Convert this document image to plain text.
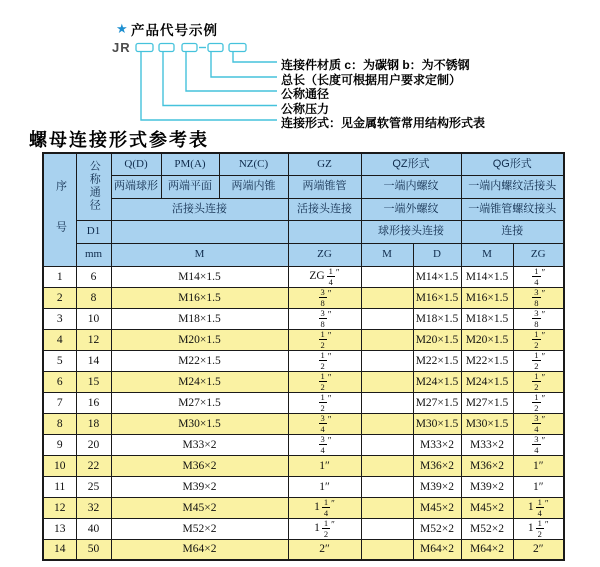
★ 产品代号示例
JR
连接件材质 c：为碳钢 b：为不锈钢
总长（长度可根据用户要求定制）
公称通径
公称压力
连接形式：见金属软管常用结构形式表
螺母连接形式参考表
序号	公称通径	Q(D)	PM(A)	NZ(C)	GZ	QZ形式		QG形式	
		两端球形	两端平面	两端内锥	两端锥管	一端内螺纹		一端内螺纹活接头	
		活接头连接			活接头连接	一端外螺纹		一端锥管螺纹接头	
	D1					球形接头连接		连接	
	mm	M			ZG	M	D	M	ZG
1	6	M14×1.5			ZG $\frac{1}{4} ''$		M14×1.5	M14×1.5	$\frac{1}{4} ''$
2	8	M16×1.5			$\frac{3}{8} ''$		M16×1.5	M16×1.5	$\frac{3}{8} ''$
3	10	M18×1.5			$\frac{3}{8} ''$		M18×1.5	M18×1.5	$\frac{3}{8} ''$
4	12	M20×1.5			$\frac{1}{2} ''$		M20×1.5	M20×1.5	$\frac{1}{2} ''$
5	14	M22×1.5			$\frac{1}{2} ''$		M22×1.5	M22×1.5	$\frac{1}{2} ''$
6	15	M24×1.5			$\frac{1}{2} ''$		M24×1.5	M24×1.5	$\frac{1}{2} ''$
7	16	M27×1.5			$\frac{1}{2} ''$		M27×1.5	M27×1.5	$\frac{1}{2} ''$
8	18	M30×1.5			$\frac{3}{4} ''$		M30×1.5	M30×1.5	$\frac{3}{4} ''$
9	20	M33×2			$\frac{3}{4} ''$		M33×2	M33×2	$\frac{3}{4} ''$
10	22	M36×2			1″		M36×2	M36×2	1″
11	25	M39×2			1″		M39×2	M39×2	1″
12	32	M45×2			$1 \frac{1}{4} ''$		M45×2	M45×2	$1 \frac{1}{4} ''$
13	40	M52×2			$1 \frac{1}{2} ''$		M52×2	M52×2	$1 \frac{1}{2} ''$
14	50	M64×2			2″		M64×2	M64×2	2″
